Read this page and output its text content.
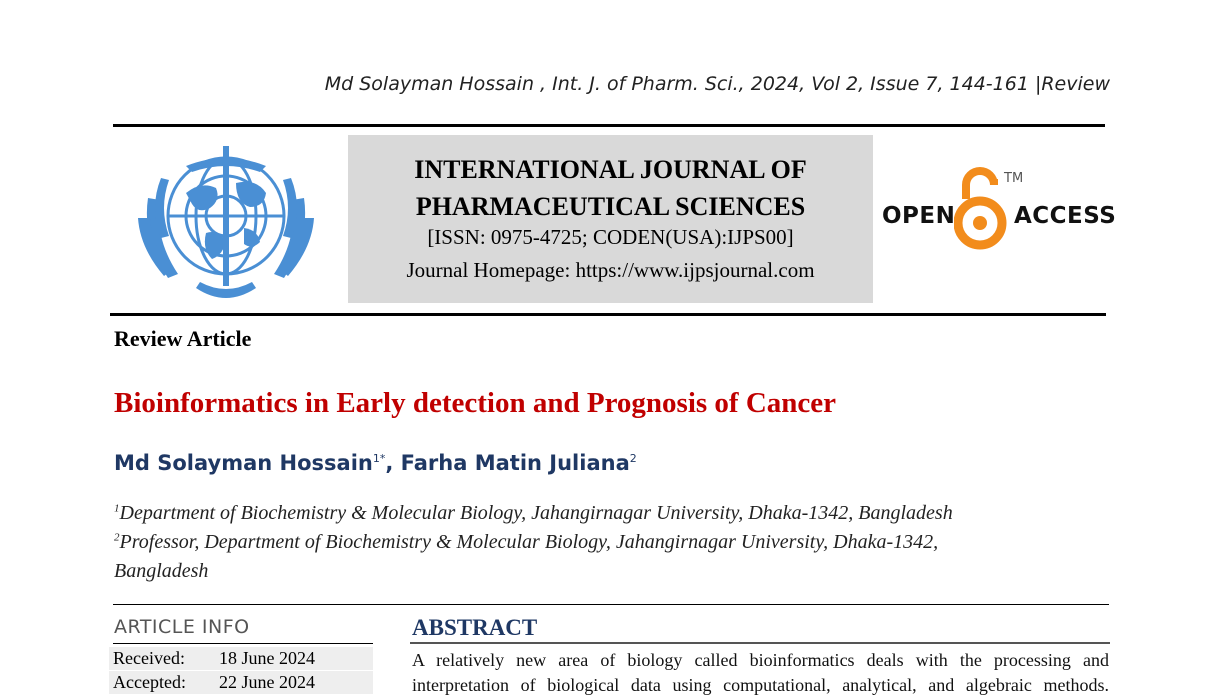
Md Solayman Hossain , Int. J. of Pharm. Sci., 2024, Vol 2, Issue 7, 144-161 |Review
INTERNATIONAL JOURNAL OF
PHARMACEUTICAL SCIENCES
[ISSN: 0975-4725; CODEN(USA):IJPS00]
Journal Homepage: https://www.ijpsjournal.com
OPEN
TM
ACCESS
Review Article
Bioinformatics in Early detection and Prognosis of Cancer
Md Solayman Hossain$^{1*}$, Farha Matin Juliana$^2$
$^1$Department of Biochemistry & Molecular Biology, Jahangirnagar University, Dhaka-1342, Bangladesh
$^2$Professor, Department of Biochemistry & Molecular Biology, Jahangirnagar University, Dhaka-1342,
Bangladesh
ARTICLE INFO
Received: 18 June 2024
Accepted: 22 June 2024
ABSTRACT
A relatively new area of biology called bioinformatics deals with the processing and
interpretation of biological data using computational, analytical, and algebraic methods.
